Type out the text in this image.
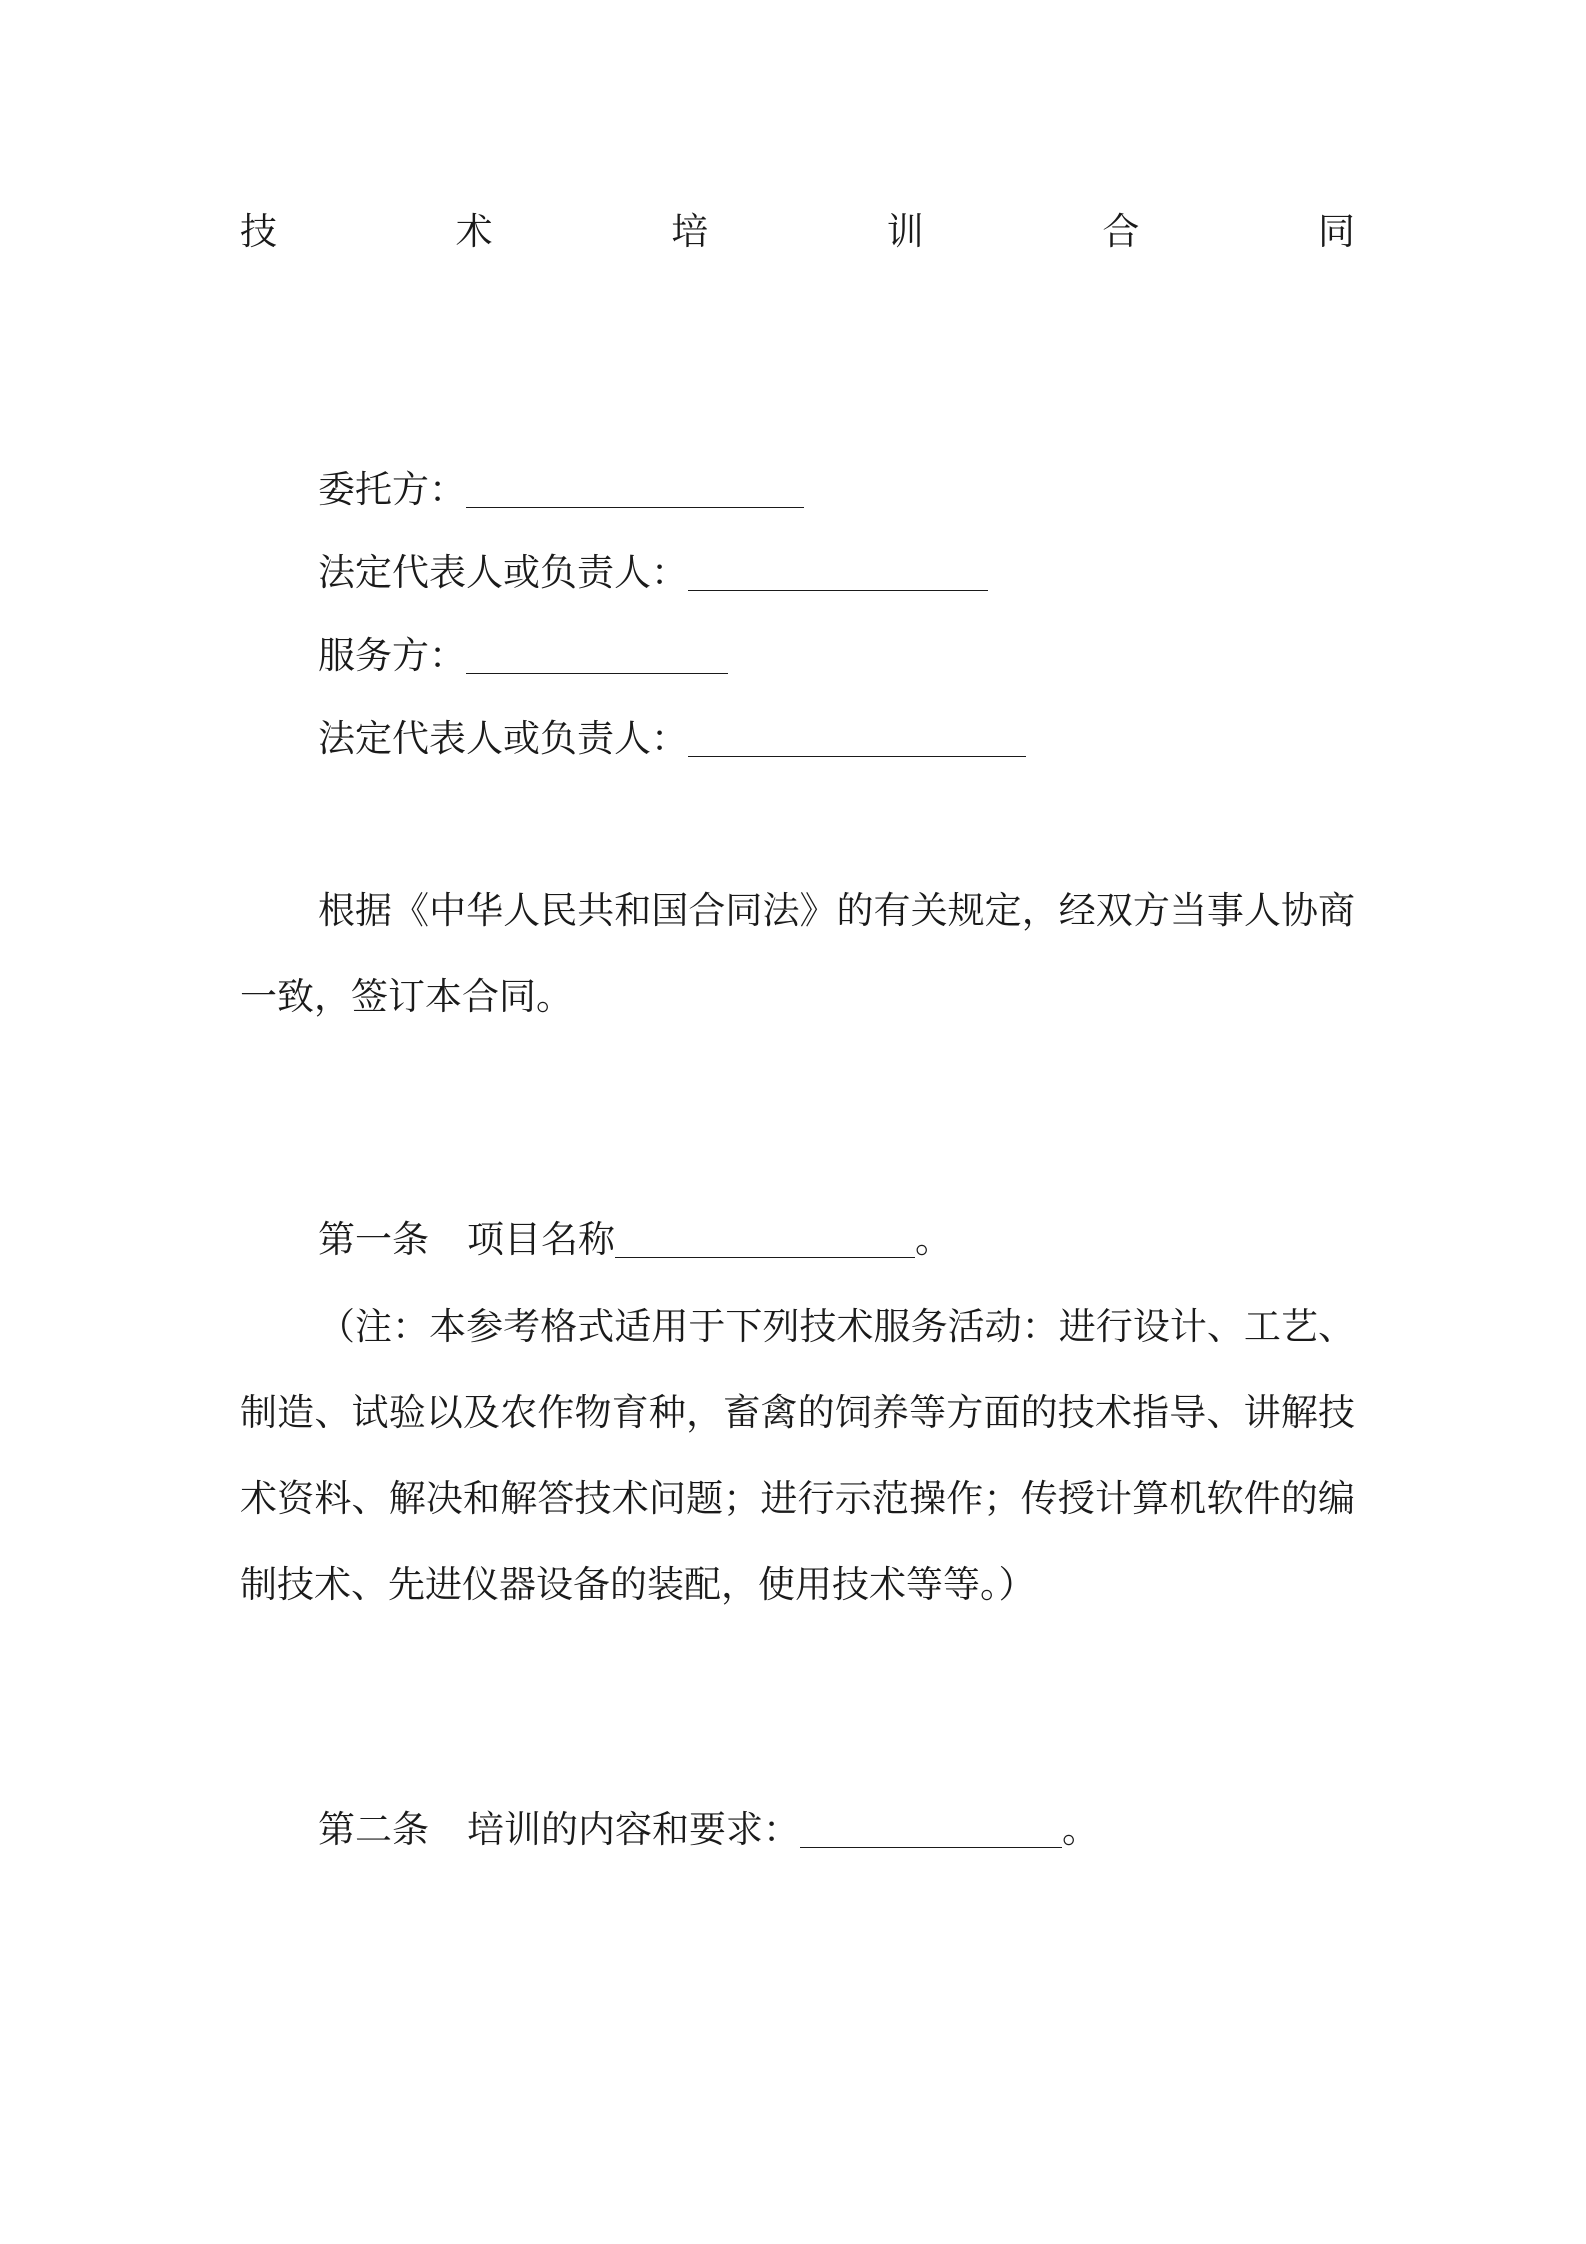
技	术	培	训	合	同
委托方：
法定代表人或负责人：
服务方：
法定代表人或负责人：
根据《中华人民共和国合同法》的有关规定，经双方当事人协商一致，签订本合同。
第一条 项目名称	。
（注：本参考格式适用于下列技术服务活动：进行设计、工艺、制造、试验以及农作物育种，畜禽的饲养等方面的技术指导、讲解技术资料、解决和解答技术问题；进行示范操作；传授计算机软件的编制技术、先进仪器设备的装配，使用技术等等。）
第二条 培训的内容和要求：	。
